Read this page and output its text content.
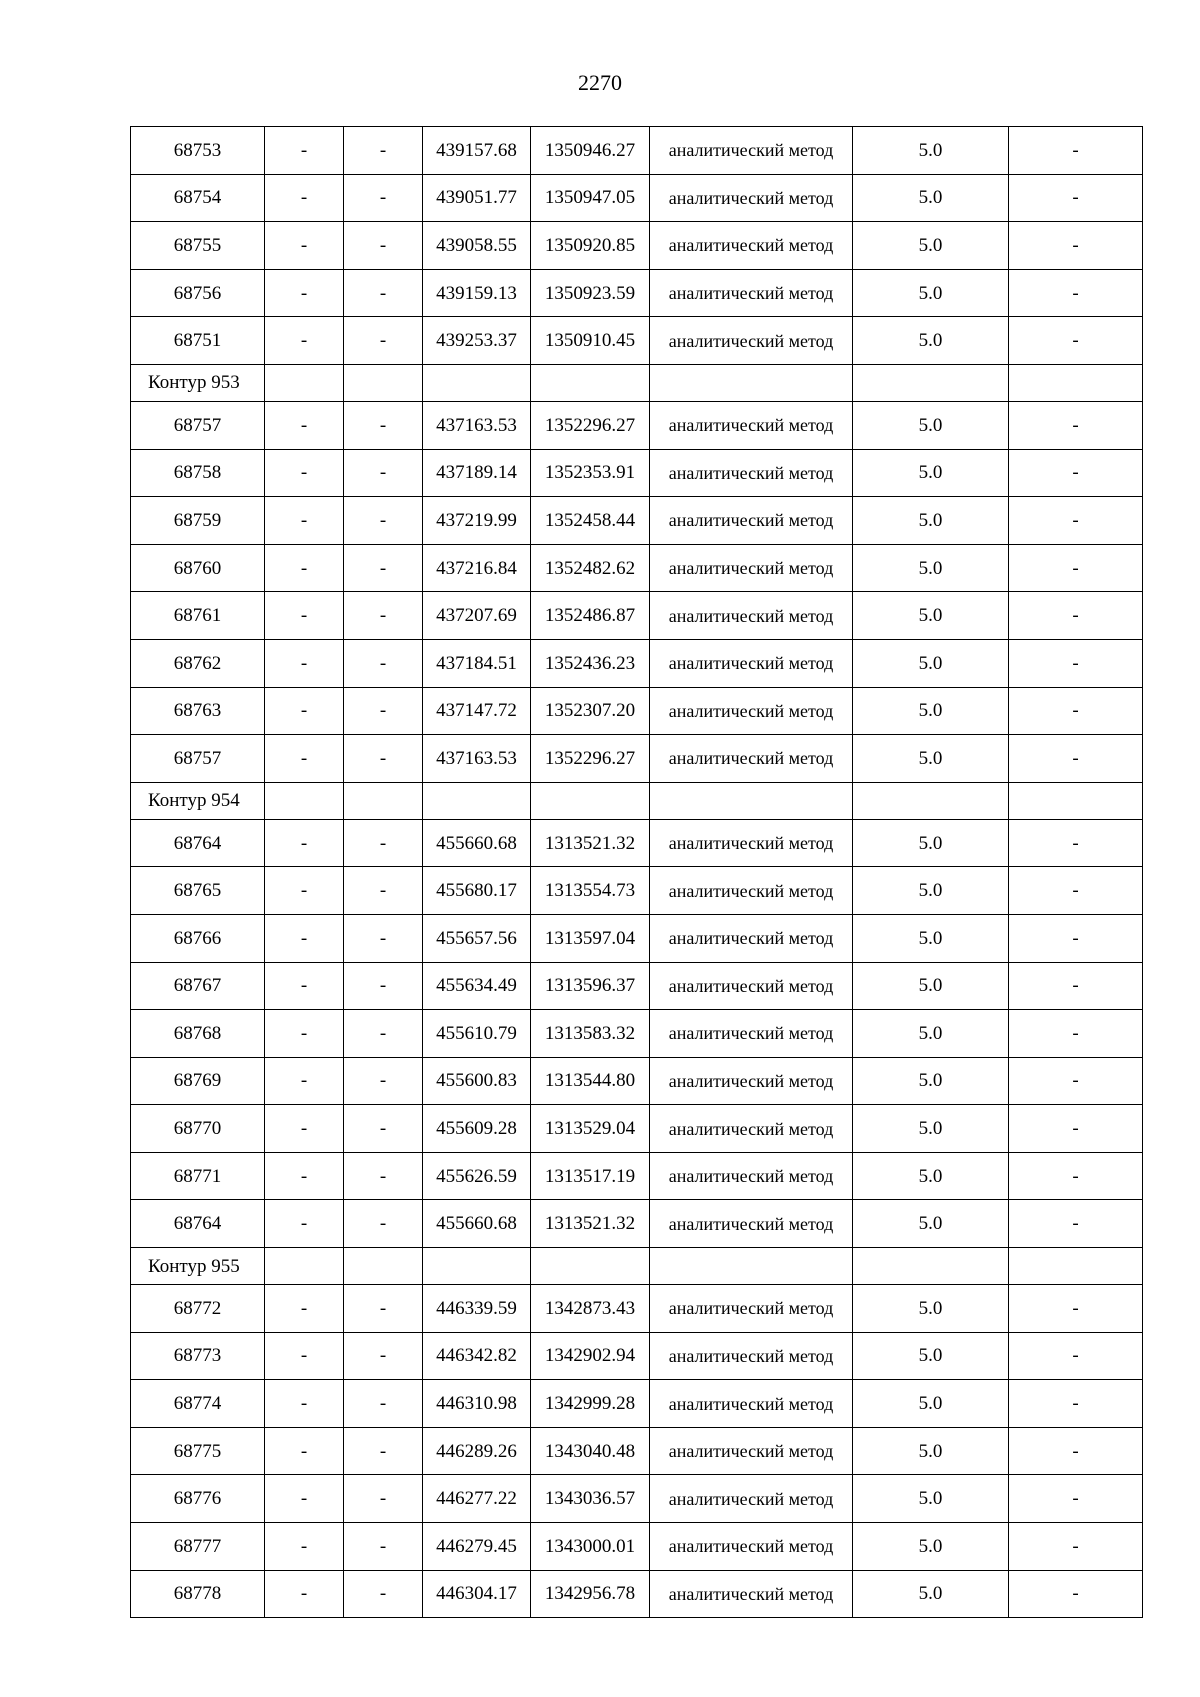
2270
68753	-	-	439157.68	1350946.27	аналитический метод	5.0	-
68754	-	-	439051.77	1350947.05	аналитический метод	5.0	-
68755	-	-	439058.55	1350920.85	аналитический метод	5.0	-
68756	-	-	439159.13	1350923.59	аналитический метод	5.0	-
68751	-	-	439253.37	1350910.45	аналитический метод	5.0	-
Контур 953							
68757	-	-	437163.53	1352296.27	аналитический метод	5.0	-
68758	-	-	437189.14	1352353.91	аналитический метод	5.0	-
68759	-	-	437219.99	1352458.44	аналитический метод	5.0	-
68760	-	-	437216.84	1352482.62	аналитический метод	5.0	-
68761	-	-	437207.69	1352486.87	аналитический метод	5.0	-
68762	-	-	437184.51	1352436.23	аналитический метод	5.0	-
68763	-	-	437147.72	1352307.20	аналитический метод	5.0	-
68757	-	-	437163.53	1352296.27	аналитический метод	5.0	-
Контур 954							
68764	-	-	455660.68	1313521.32	аналитический метод	5.0	-
68765	-	-	455680.17	1313554.73	аналитический метод	5.0	-
68766	-	-	455657.56	1313597.04	аналитический метод	5.0	-
68767	-	-	455634.49	1313596.37	аналитический метод	5.0	-
68768	-	-	455610.79	1313583.32	аналитический метод	5.0	-
68769	-	-	455600.83	1313544.80	аналитический метод	5.0	-
68770	-	-	455609.28	1313529.04	аналитический метод	5.0	-
68771	-	-	455626.59	1313517.19	аналитический метод	5.0	-
68764	-	-	455660.68	1313521.32	аналитический метод	5.0	-
Контур 955							
68772	-	-	446339.59	1342873.43	аналитический метод	5.0	-
68773	-	-	446342.82	1342902.94	аналитический метод	5.0	-
68774	-	-	446310.98	1342999.28	аналитический метод	5.0	-
68775	-	-	446289.26	1343040.48	аналитический метод	5.0	-
68776	-	-	446277.22	1343036.57	аналитический метод	5.0	-
68777	-	-	446279.45	1343000.01	аналитический метод	5.0	-
68778	-	-	446304.17	1342956.78	аналитический метод	5.0	-
